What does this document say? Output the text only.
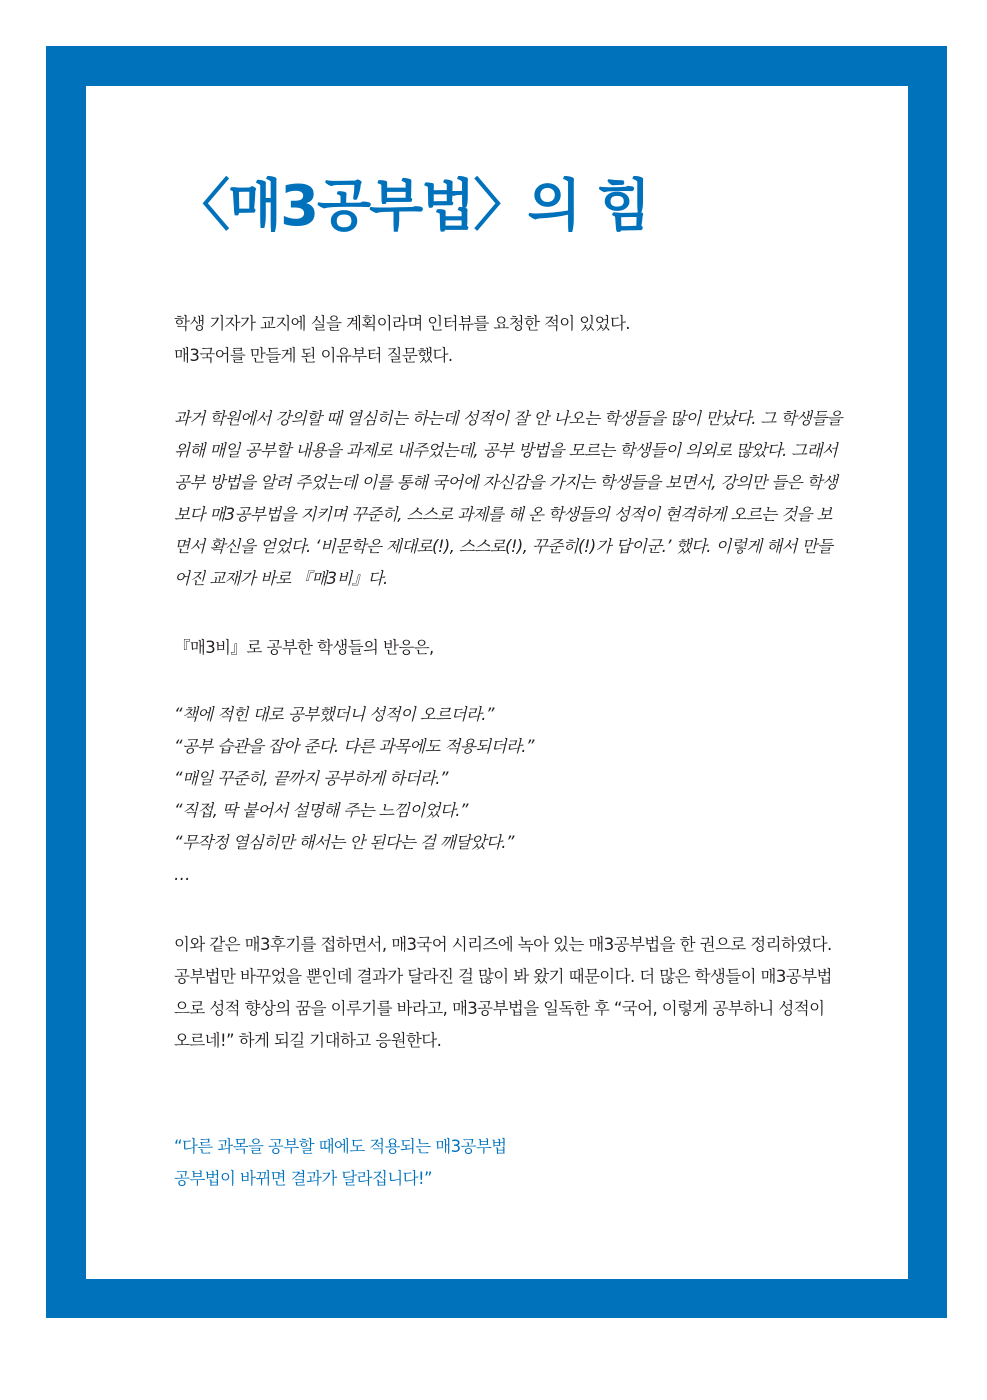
〈매3공부법〉의 힘

학생 기자가 교지에 실을 계획이라며 인터뷰를 요청한 적이 있었다.

매3국어를 만들게 된 이유부터 질문했다.

과거 학원에서 강의할 때 열심히는 하는데 성적이 잘 안 나오는 학생들을 많이 만났다. 그 학생들을 위해 매일 공부할 내용을 과제로 내주었는데, 공부 방법을 모르는 학생들이 의외로 많았다. 그래서 공부 방법을 알려 주었는데 이를 통해 국어에 자신감을 가지는 학생들을 보면서, 강의만 들은 학생보다 매3공부법을 지키며 꾸준히, 스스로 과제를 해 온 학생들의 성적이 현격하게 오르는 것을 보면서 확신을 얻었다. ‘비문학은 제대로(!), 스스로(!), 꾸준히(!)가 답이군.’ 했다. 이렇게 해서 만들어진 교재가 바로 『매3비』다.

『매3비』로 공부한 학생들의 반응은,

“책에 적힌 대로 공부했더니 성적이 오르더라.”

“공부 습관을 잡아 준다. 다른 과목에도 적용되더라.”

“매일 꾸준히, 끝까지 공부하게 하더라.”

“직접, 딱 붙어서 설명해 주는 느낌이었다.”

“무작정 열심히만 해서는 안 된다는 걸 깨달았다.”

…

이와 같은 매3후기를 접하면서, 매3국어 시리즈에 녹아 있는 매3공부법을 한 권으로 정리하였다. 공부법만 바꾸었을 뿐인데 결과가 달라진 걸 많이 봐 왔기 때문이다. 더 많은 학생들이 매3공부법으로 성적 향상의 꿈을 이루기를 바라고, 매3공부법을 일독한 후 “국어, 이렇게 공부하니 성적이 오르네!” 하게 되길 기대하고 응원한다.

“다른 과목을 공부할 때에도 적용되는 매3공부법

공부법이 바뀌면 결과가 달라집니다!”
